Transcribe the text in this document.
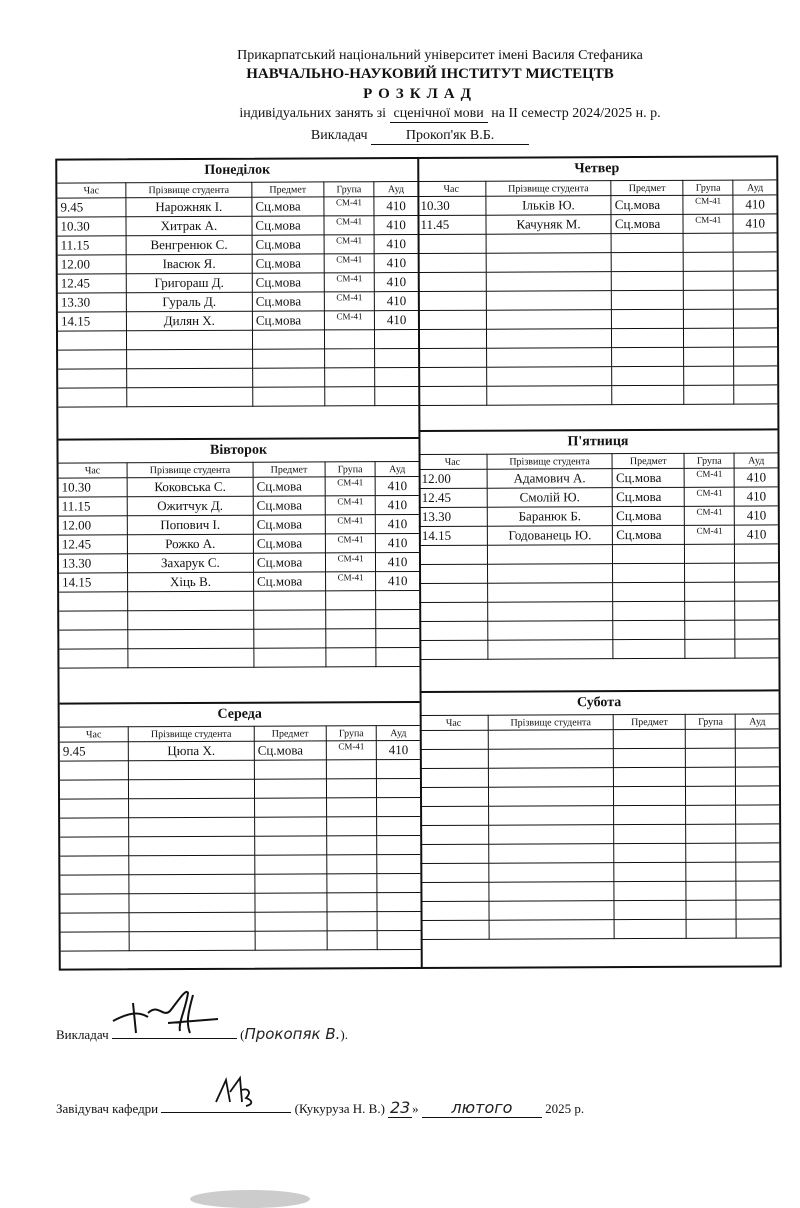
Прикарпатський національний університет імені Василя Стефаника
НАВЧАЛЬНО-НАУКОВИЙ ІНСТИТУТ МИСТЕЦТВ
РОЗКЛАД
індивідуальних занять зі сценічної мови на ІІ семестр 2024/2025 н. р.
Викладач	Прокоп'як В.Б.
Понеділок
Час	Прізвище студента	Предмет	Група	Ауд
9.45	Нарожняк І.	Сц.мова	СМ-41	410
10.30	Хитрак А.	Сц.мова	СМ-41	410
11.15	Венгренюк С.	Сц.мова	СМ-41	410
12.00	Івасюк Я.	Сц.мова	СМ-41	410
12.45	Григораш Д.	Сц.мова	СМ-41	410
13.30	Гураль Д.	Сц.мова	СМ-41	410
14.15	Дилян Х.	Сц.мова	СМ-41	410

Вівторок
Час	Прізвище студента	Предмет	Група	Ауд
10.30	Коковська С.	Сц.мова	СМ-41	410
11.15	Ожитчук Д.	Сц.мова	СМ-41	410
12.00	Попович І.	Сц.мова	СМ-41	410
12.45	Рожко А.	Сц.мова	СМ-41	410
13.30	Захарук С.	Сц.мова	СМ-41	410
14.15	Хіць В.	Сц.мова	СМ-41	410

Середа
Час	Прізвище студента	Предмет	Група	Ауд
9.45	Цюпа Х.	Сц.мова	СМ-41	410

Четвер
Час	Прізвище студента	Предмет	Група	Ауд
10.30	Ільків Ю.	Сц.мова	СМ-41	410
11.45	Качуняк М.	Сц.мова	СМ-41	410

П'ятниця
Час	Прізвище студента	Предмет	Група	Ауд
12.00	Адамович А.	Сц.мова	СМ-41	410
12.45	Смолій Ю.	Сц.мова	СМ-41	410
13.30	Баранюк Б.	Сц.мова	СМ-41	410
14.15	Годованець Ю.	Сц.мова	СМ-41	410

Субота
Час	Прізвище студента	Предмет	Група	Ауд

Викладач	(Прокопяк В.).
Завідувач кафедри	(Кукуруза Н. В.) 23 » лютого	2025 р.
